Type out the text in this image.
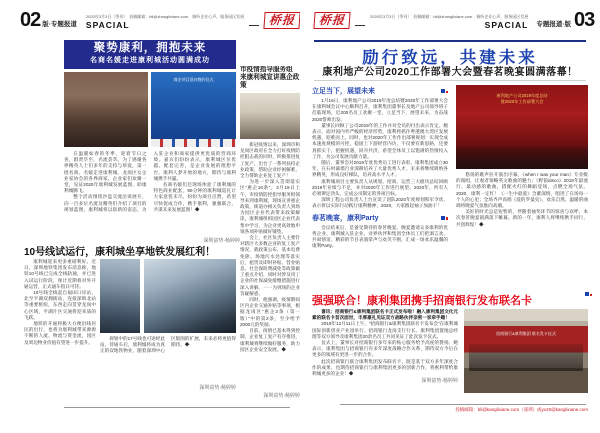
02 版·专题报道
2020年3月3日（季刊）　投稿邮箱：bli@zhanglixiane.com　倾听企业心声，服务园区发展
SPACIAL	桥报
聚势康利，拥抱未来
名商名媛走进康利城活动圆满成功
商企项目意向签约仪式

在温暖如春的冬季，迎着节日之喜，群贤毕至，名流荟萃。为了感谢各界精英人士们多年的支持与厚爱，第一批名商、名媛走进康利城，龙岗区女企业家协会的各界商家、企业家们欢聚一堂，见证2020年康利城发展蓝图，助康利城腾飞。

整个活动围绕沙盘交流洽谈展开，向一百多位名流及精英们介绍了项目的规划蓝图，康利城将以崭新的姿态，为入驻企业和商家提供更优质的营商环境。嘉宾们纷纷表示，康利城区位优越、配套完善，是企业发展的理想平台，康利人梦开始的地方，期待与康利城携手共赢。

名商名媛们还现场体验了康利城的特色商业配套，90分钟的康利城巡礼让大家意犹未尽，纷纷为项目点赞，希望尽快促成合作，携手康利，强强联合，共谋未来发展蓝图！◆

深圳富势·杨婷婷

市疫情指导服务组

来康利城宣讲惠企政策

新冠疫情以来，深圳市和龙岗区政府在全力打好疫情防控阻击战的同时，积极推进复工复产，出台了一系列扶持企业政策，帮助企业纾困解难，全力帮助企业复工复产！

为进一步深入贯彻落实区“惠企16条”，3月19日上午，市疫情防控指导服务组领导来到康利城，现场宣讲惠企政策，街道办相关负责人到场为园区企业代表带来政策解读，康利城组织园区企业代表集中学习，为企业更高效地申领各项补贴做好铺垫。

会上，社区负责人主要针对辖区大多数企业的复工复产情况，就政策公布、基本电费免除、场地污水处理等落实后，租赁及即时补贴、营业贴息、社会保险费减免等政策做了重点介绍，同时对涉及用工企业的社保减免缓缴措施进行深入讲解，一一为到场的企业答疑解惑。

同时，他强调，疫情期间区内企业交通补贴等事项，根据龙岗区“惠企3条（第一版）”中的第2条，至少给予2000元的奖励。

目前，疫情已基本得到控制，企业复工复产有序推进，康利城将继续做好服务，助力园区企业安全发展。◆

深圳富势·杨婷婷
10号线试运行，康利城坐享地铁发展红利！

康利城迎来更多重磅利好。近日，深圳地铁集团发布消息称，地铁10号线已完成全线轨通，并已进入试运行阶段，预计近期将对外开通运营，正式通车指日可待。

10号线全线起自福田口岸站，北至平湖双拥街站，连接深圳北站等重要枢纽，东西走向贯穿龙岗中心区域，平湖片区交通将迎来质的飞跃。

地铁的开通将极大方便沿线居民的出行，也将为康利城带来源源不断的人流、物流与资金流，园区及周边物业价值有望进一步提升。

规划中的17号线也可途经此站，待通车后，康利城将成为真正的双地铁物业，随着深圳中心区版图的扩展，未来必将更值得期待。◆

深圳富势·杨婷婷
桥报	2020年3月3日（季刊）　投稿邮箱：bli@zhanglixiane.com　倾听企业心声，服务园区发展
SPACIAL 专题报道·版 03
励行致远，共建未来
康利地产公司2020工作部署大会暨春茗晚宴圆满落幕！
立足当下，展望未来

1月16日，康利地产公司2019年度总结暨2020年工作部署大会在康利城会议中心顺利召开，康利集团董事长及地产公司领导班子莅临现场，近200名员工欢聚一堂，立足当下，展望未来，为奋战2020誓师出发。

董事长回顾了公司2019年的工作并对全员的付出表示肯定。她表示，面对国内外严峻的经济形势，康利将抓住粤港澳大湾区发展机遇，迎难而上。同时，也对2020年工作作出部署规划：实现全成本速度规模的可控，稳固上下游经营内功，不仅要有新思路，还要真抓实干，把握机遇，同舟共济，希望全体员工以饱满的热情投入工作，为公司发展贡献力量。

随后，董事会对2019年度优秀员工进行表彰。康利集团成立30年，在石材幕墙行业深耕培养了大量优秀人才，未来将继续吸纳各界精英，形成良好梯队，培养高水平人才。

康利城项目主要负责人从规划、招商、运营三大板块总结回顾2019年业绩与不足，并对2020年工作进行展望。2020年，所有人必须铆足劲头，完成公司制定的各项目标。

深圳工程公司负责人上台宣读了团队2020年度规划和军令状，表示将以实际行动践行康利精神，2020，大家撸起袖子加油干！

春茗晚宴，康利Party

会议结束后，是备受期待的春茗晚宴。晚宴邀请众多康利的优秀企业、康利城入驻企业、业界伙伴和集团全体员工们把酒言欢、共叙情谊，精彩的节目表演掌声与欢笑不断，汇成一场欢乐温馨的康利Party。

康利地产公司2019年度总结
暨2020年工作部署大会

悠扬的歌声拉开演出序幕，《when I was your man》专业级的演唱，让观者领略英文歌曲的魅力；《野狼disco》2019年最流行、最动感的歌曲，搭配火红的舞蹈登场，点燃全场气氛，2020，康利一定红！《一生中最爱》含蓄深情，唱进了在场每一个人的心里；全场齐声高唱《爱的罗曼史》，欢乐自然、温暖的曲调将晚宴气氛推向高潮。

美好的时光总是短暂的，伴随着抽奖环节的惊喜与欢呼，本次春茗晚宴圆满落下帷幕。新的一年，康利人将继续携手同行，共创辉煌！◆

强强联合！康利集团携手招商银行发布联名卡

喜讯：招商银行&康利集团联名卡正式发布啦！融入康利集团文化元素的联名卡首次面世，丰厚豪礼见证双方战略伙伴亲密一家牵手趣！

2019年12月11日上午，“招商银行&康利集团联名卡发布会”在康利城国际创新创业产业园举行。招商银行龙岗支行行长、康利集团置地总经理等双方领导及康利集团20余名员工共同见证了此次发卡仪式。

仪式上，董事长对招商银行多年来的贴心服务给予高度的赞扬。她表示，康利集团与招商银行有多年深度战略合作关系，期待双方今后在更多的领域有更进一步的合作。

此次招商银行联合康利集团发布联名卡，既是基于双方多年深度合作的成果，也期待招商银行与康利集团更多的创新合作，将惠利带给康利城更多的企业！◆

深圳富势·杨婷婷
招商银行&康利集团 联名发卡仪式
投稿邮箱：bli@kanglixiane.com（深圳）或yx20@kanglixiane.com
